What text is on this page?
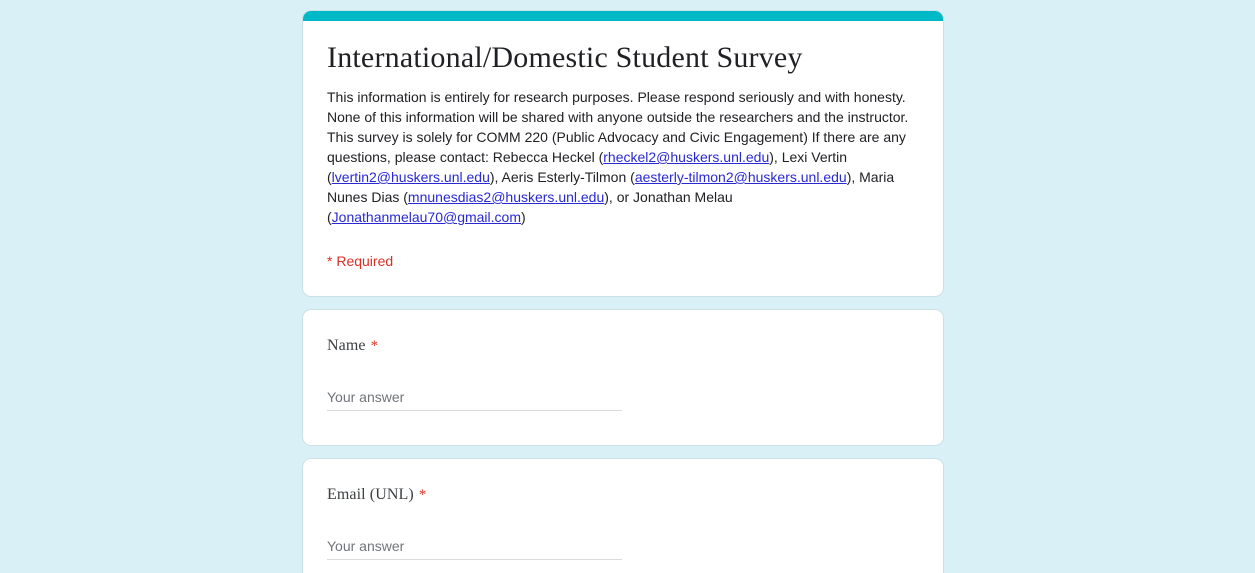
International/Domestic Student Survey
This information is entirely for research purposes. Please respond seriously and with honesty. None of this information will be shared with anyone outside the researchers and the instructor. This survey is solely for COMM 220 (Public Advocacy and Civic Engagement) If there are any questions, please contact: Rebecca Heckel (rheckel2@huskers.unl.edu), Lexi Vertin (lvertin2@huskers.unl.edu), Aeris Esterly-Tilmon (aesterly-tilmon2@huskers.unl.edu), Maria Nunes Dias (mnunesdias2@huskers.unl.edu), or Jonathan Melau (Jonathanmelau70@gmail.com)
* Required
Name *
Your answer
Email (UNL) *
Your answer
